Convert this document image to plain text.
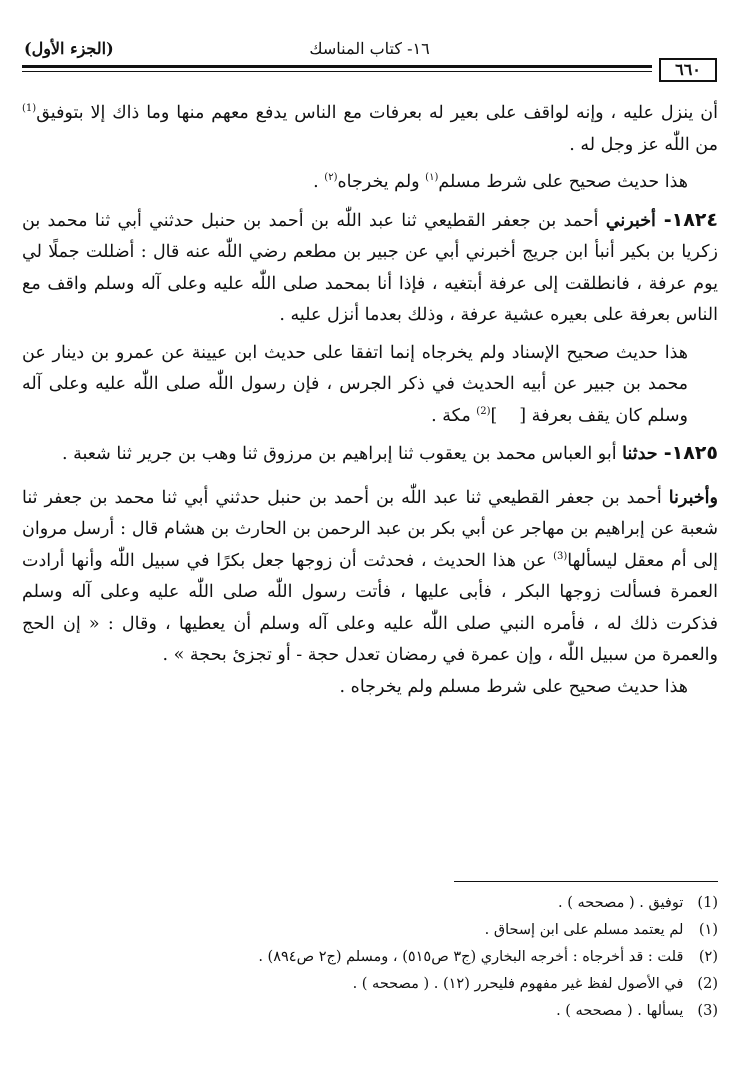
(الجزء الأول)	١٦- كتاب المناسك
٦٦٠

أن ينزل عليه ، وإنه لواقف على بعير له بعرفات مع الناس يدفع معهم منها وما ذاك إلا بتوفيق$^{(1)}$ من اللّٰه عز وجل له .

هذا حديث صحيح على شرط مسلم$^{(١)}$ ولم يخرجاه$^{(٢)}$ .

١٨٢٤- أخبرني أحمد بن جعفر القطيعي ثنا عبد اللّٰه بن أحمد بن حنبل حدثني أبي ثنا محمد بن زكريا بن بكير أنبأ ابن جريج أخبرني أبي عن جبير بن مطعم رضي اللّٰه عنه قال : أضللت جملًا لي يوم عرفة ، فانطلقت إلى عرفة أبتغيه ، فإذا أنا بمحمد صلى اللّٰه عليه وعلى آله وسلم واقف مع الناس بعرفة على بعيره عشية عرفة ، وذلك بعدما أنزل عليه .

هذا حديث صحيح الإسناد ولم يخرجاه إنما اتفقا على حديث ابن عيينة عن عمرو بن دينار عن محمد بن جبير عن أبيه الحديث في ذكر الجرس ، فإن رسول اللّٰه صلى اللّٰه عليه وعلى آله وسلم كان يقف بعرفة []$^{(2)}$ مكة .

١٨٢٥- حدثنا أبو العباس محمد بن يعقوب ثنا إبراهيم بن مرزوق ثنا وهب بن جرير ثنا شعبة .

وأخبرنا أحمد بن جعفر القطيعي ثنا عبد اللّٰه بن أحمد بن حنبل حدثني أبي ثنا محمد بن جعفر ثنا شعبة عن إبراهيم بن مهاجر عن أبي بكر بن عبد الرحمن بن الحارث بن هشام قال : أرسل مروان إلى أم معقل ليسألها$^{(3)}$ عن هذا الحديث ، فحدثت أن زوجها جعل بكرًا في سبيل اللّٰه وأنها أرادت العمرة فسألت زوجها البكر ، فأبى عليها ، فأتت رسول اللّٰه صلى اللّٰه عليه وعلى آله وسلم فذكرت ذلك له ، فأمره النبي صلى اللّٰه عليه وعلى آله وسلم أن يعطيها ، وقال : « إن الحج والعمرة من سبيل اللّٰه ، وإن عمرة في رمضان تعدل حجة - أو تجزئ بحجة » .

هذا حديث صحيح على شرط مسلم ولم يخرجاه .

(1) توفيق . ( مصححه ) .

(١) لم يعتمد مسلم على ابن إسحاق .

(٢) قلت : قد أخرجاه : أخرجه البخاري (ج٣ ص٥١٥) ، ومسلم (ج٢ ص٨٩٤) .

(2) في الأصول لفظ غير مفهوم فليحرر (١٢) . ( مصححه ) .

(3) يسألها . ( مصححه ) .
